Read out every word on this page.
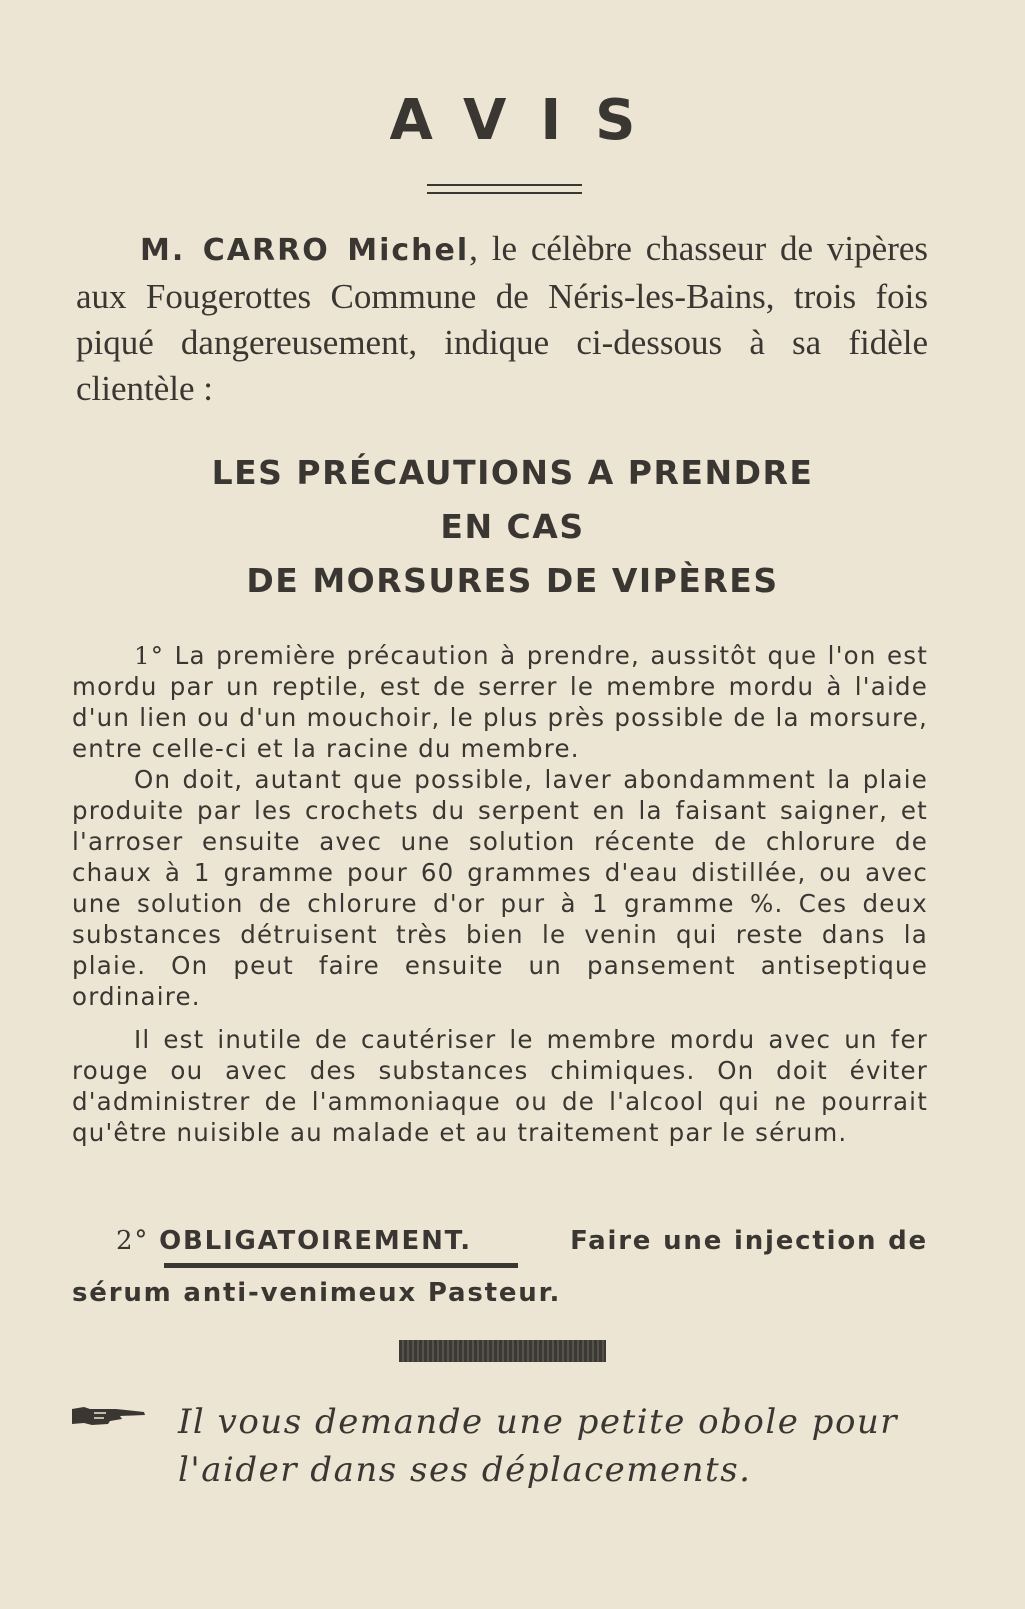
AVIS
M. CARRO Michel, le célèbre chasseur de vipères aux Fougerottes Commune de Néris-les-Bains, trois fois piqué dangereusement, indique ci-dessous à sa fidèle clientèle :
LES PRÉCAUTIONS A PRENDRE
EN CAS
DE MORSURES DE VIPÈRES

1° La première précaution à prendre, aussitôt que l'on est mordu par un reptile, est de serrer le membre mordu à l'aide d'un lien ou d'un mouchoir, le plus près possible de la morsure, entre celle-ci et la racine du membre.

On doit, autant que possible, laver abondamment la plaie produite par les crochets du serpent en la faisant saigner, et l'arroser ensuite avec une solution récente de chlorure de chaux à 1 gramme pour 60 grammes d'eau distillée, ou avec une solution de chlorure d'or pur à 1 gramme %. Ces deux substances détruisent très bien le venin qui reste dans la plaie. On peut faire ensuite un pansement antiseptique ordinaire.

Il est inutile de cautériser le membre mordu avec un fer rouge ou avec des substances chimiques. On doit éviter d'administrer de l'ammoniaque ou de l'alcool qui ne pourrait qu'être nuisible au malade et au traitement par le sérum.

2° OBLIGATOIREMENT.	Faire une injection de
sérum anti-venimeux Pasteur.
Il vous demande une petite obole pour
l'aider dans ses déplacements.
